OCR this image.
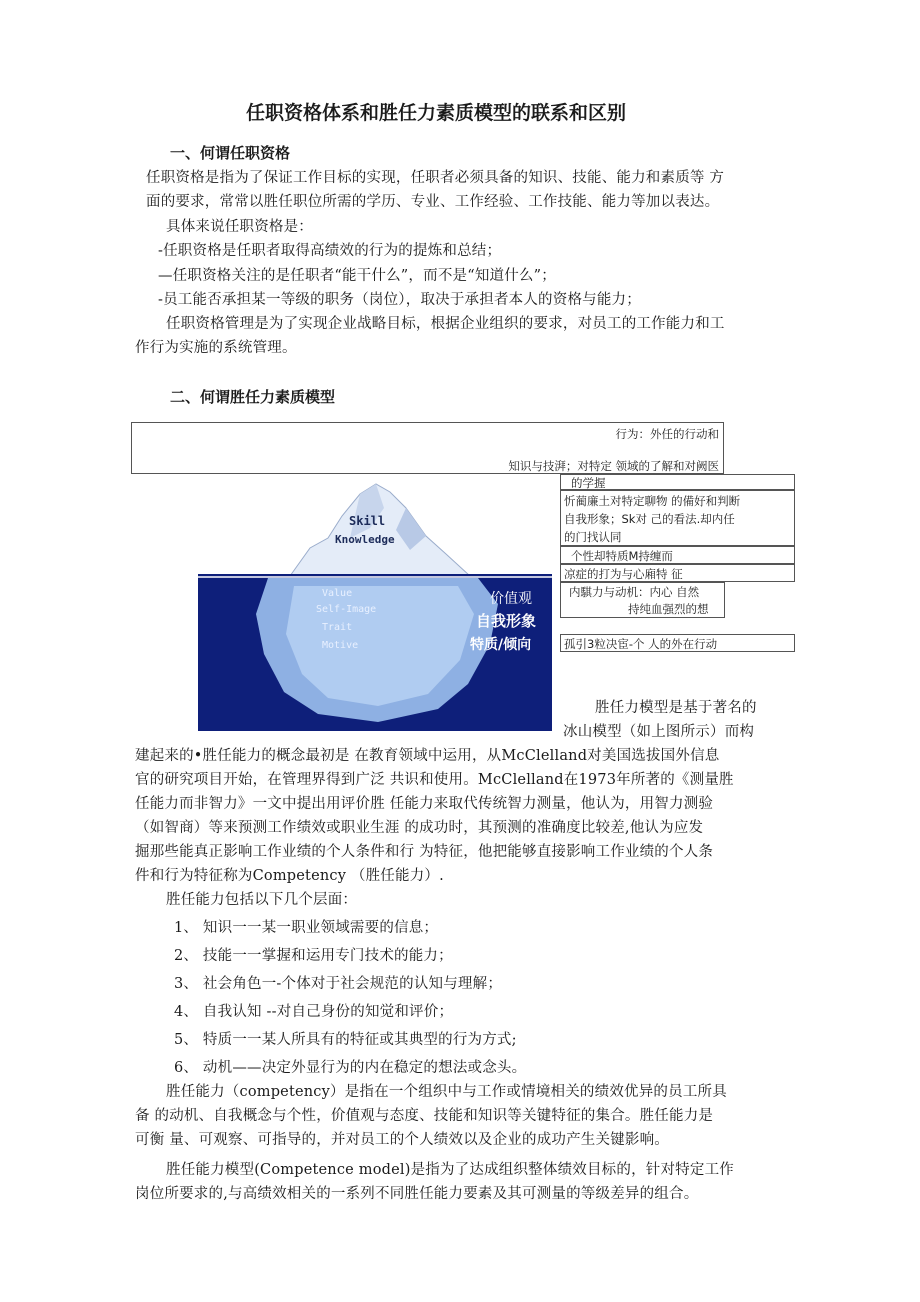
任职资格体系和胜任力素质模型的联系和区别
一、何谓任职资格
任职资格是指为了保证工作目标的实现，任职者必须具备的知识、技能、能力和素质等 方
面的要求，常常以胜任职位所需的学历、专业、工作经验、工作技能、能力等加以表达。
具体来说任职资格是：
-任职资格是任职者取得高绩效的行为的提炼和总结；
—任职资格关注的是任职者“能干什么”，而不是“知道什么”；
-员工能否承担某一等级的职务（岗位），取决于承担者本人的资格与能力；
任职资格管理是为了实现企业战略目标，根据企业组织的要求，对员工的工作能力和工
作行为实施的系统管理。
二、何谓胜任力素质模型
行为：外任的行动和
知识与技湃；对特定 领域的了解和对阙医
的学握
忻蔺廉土对特定聊物 的備好和判断
自我形象；Sk对 己的看法.却内任
的门找认同
个性却特质M持缠而
凉症的打为与心廂特 征
内騏力与动机：内心 自然
持纯血强烈的想
孤引3粒决宦-个 人的外在行动
Skill
Knowledge
Value
Self-Image
Trait
Motive
价值观
自我形象
特质/倾向
胜任力模型是基于著名的
冰山模型（如上图所示）而构
建起来的•胜任能力的概念最初是 在教育领域中运用，从McClelland对美国选拔国外信息
官的研究项目开始，在管理界得到广泛 共识和使用。McClelland在1973年所著的《测量胜
任能力而非智力》一文中提出用评价胜 任能力来取代传统智力测量，他认为，用智力测验
（如智商）等来预测工作绩效或职业生涯 的成功时，其预测的准确度比较差,他认为应发
掘那些能真正影响工作业绩的个人条件和行 为特征，他把能够直接影响工作业绩的个人条
件和行为特征称为Competency （胜任能力）.
胜任能力包括以下几个层面：
1、 知识一一某一职业领域需要的信息；
2、 技能一一掌握和运用专门技术的能力；
3、 社会角色一-个体对于社会规范的认知与理解；
4、 自我认知 --对自己身份的知觉和评价；
5、 特质一一某人所具有的特征或其典型的行为方式;
6、 动机——决定外显行为的内在稳定的想法或念头。
胜任能力（competency）是指在一个组织中与工作或情境相关的绩效优异的员工所具
备 的动机、自我概念与个性，价值观与态度、技能和知识等关键特征的集合。胜任能力是
可衡 量、可观察、可指导的，并对员工的个人绩效以及企业的成功产生关键影响。
胜任能力模型(Competence model)是指为了达成组织整体绩效目标的，针对特定工作
岗位所要求的,与高绩效相关的一系列不同胜任能力要素及其可测量的等级差异的组合。
